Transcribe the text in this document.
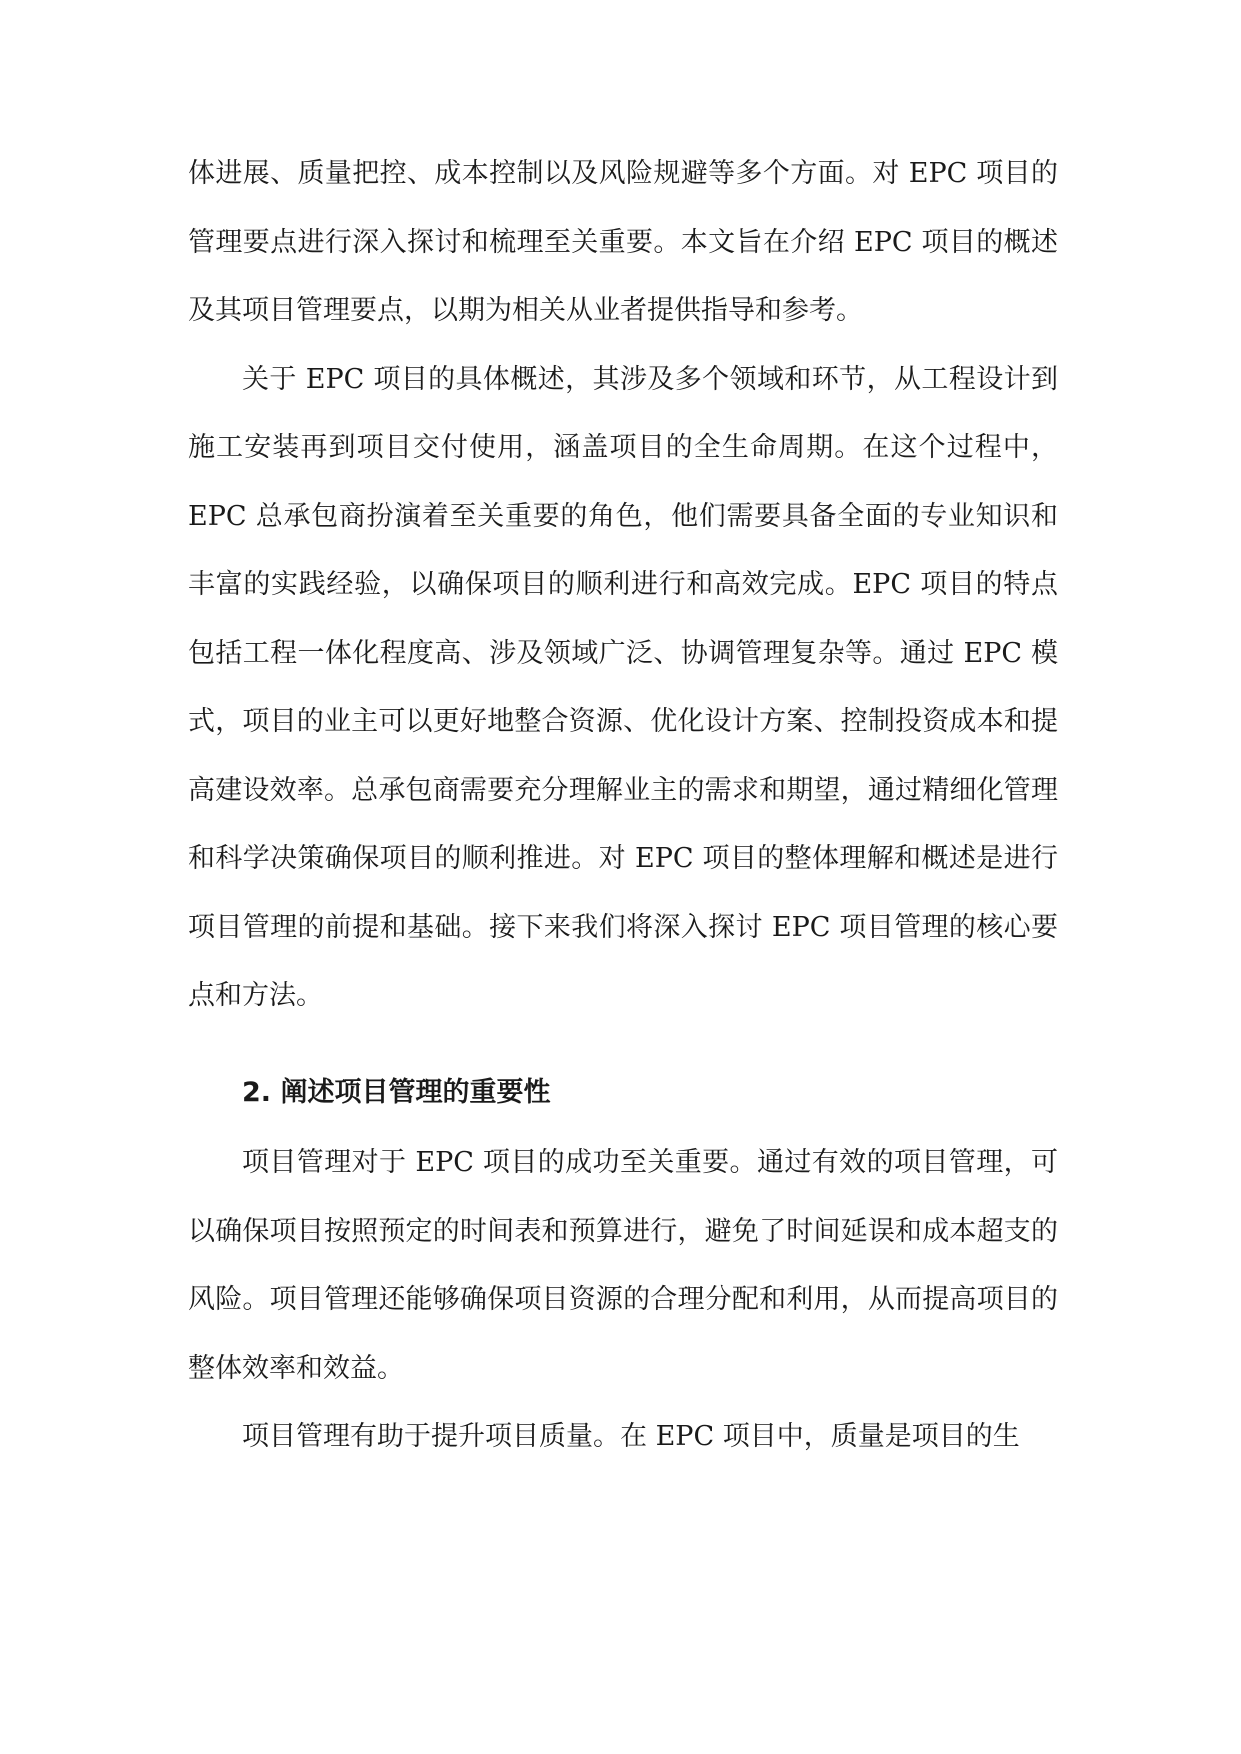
体进展、质量把控、成本控制以及风险规避等多个方面。对 EPC 项目的管理要点进行深入探讨和梳理至关重要。本文旨在介绍 EPC 项目的概述及其项目管理要点，以期为相关从业者提供指导和参考。

关于 EPC 项目的具体概述，其涉及多个领域和环节，从工程设计到施工安装再到项目交付使用，涵盖项目的全生命周期。在这个过程中，EPC 总承包商扮演着至关重要的角色，他们需要具备全面的专业知识和丰富的实践经验，以确保项目的顺利进行和高效完成。EPC 项目的特点包括工程一体化程度高、涉及领域广泛、协调管理复杂等。通过 EPC 模式，项目的业主可以更好地整合资源、优化设计方案、控制投资成本和提高建设效率。总承包商需要充分理解业主的需求和期望，通过精细化管理和科学决策确保项目的顺利推进。对 EPC 项目的整体理解和概述是进行项目管理的前提和基础。接下来我们将深入探讨 EPC 项目管理的核心要点和方法。

2. 阐述项目管理的重要性

项目管理对于 EPC 项目的成功至关重要。通过有效的项目管理，可以确保项目按照预定的时间表和预算进行，避免了时间延误和成本超支的风险。项目管理还能够确保项目资源的合理分配和利用，从而提高项目的整体效率和效益。

项目管理有助于提升项目质量。在 EPC 项目中，质量是项目的生
